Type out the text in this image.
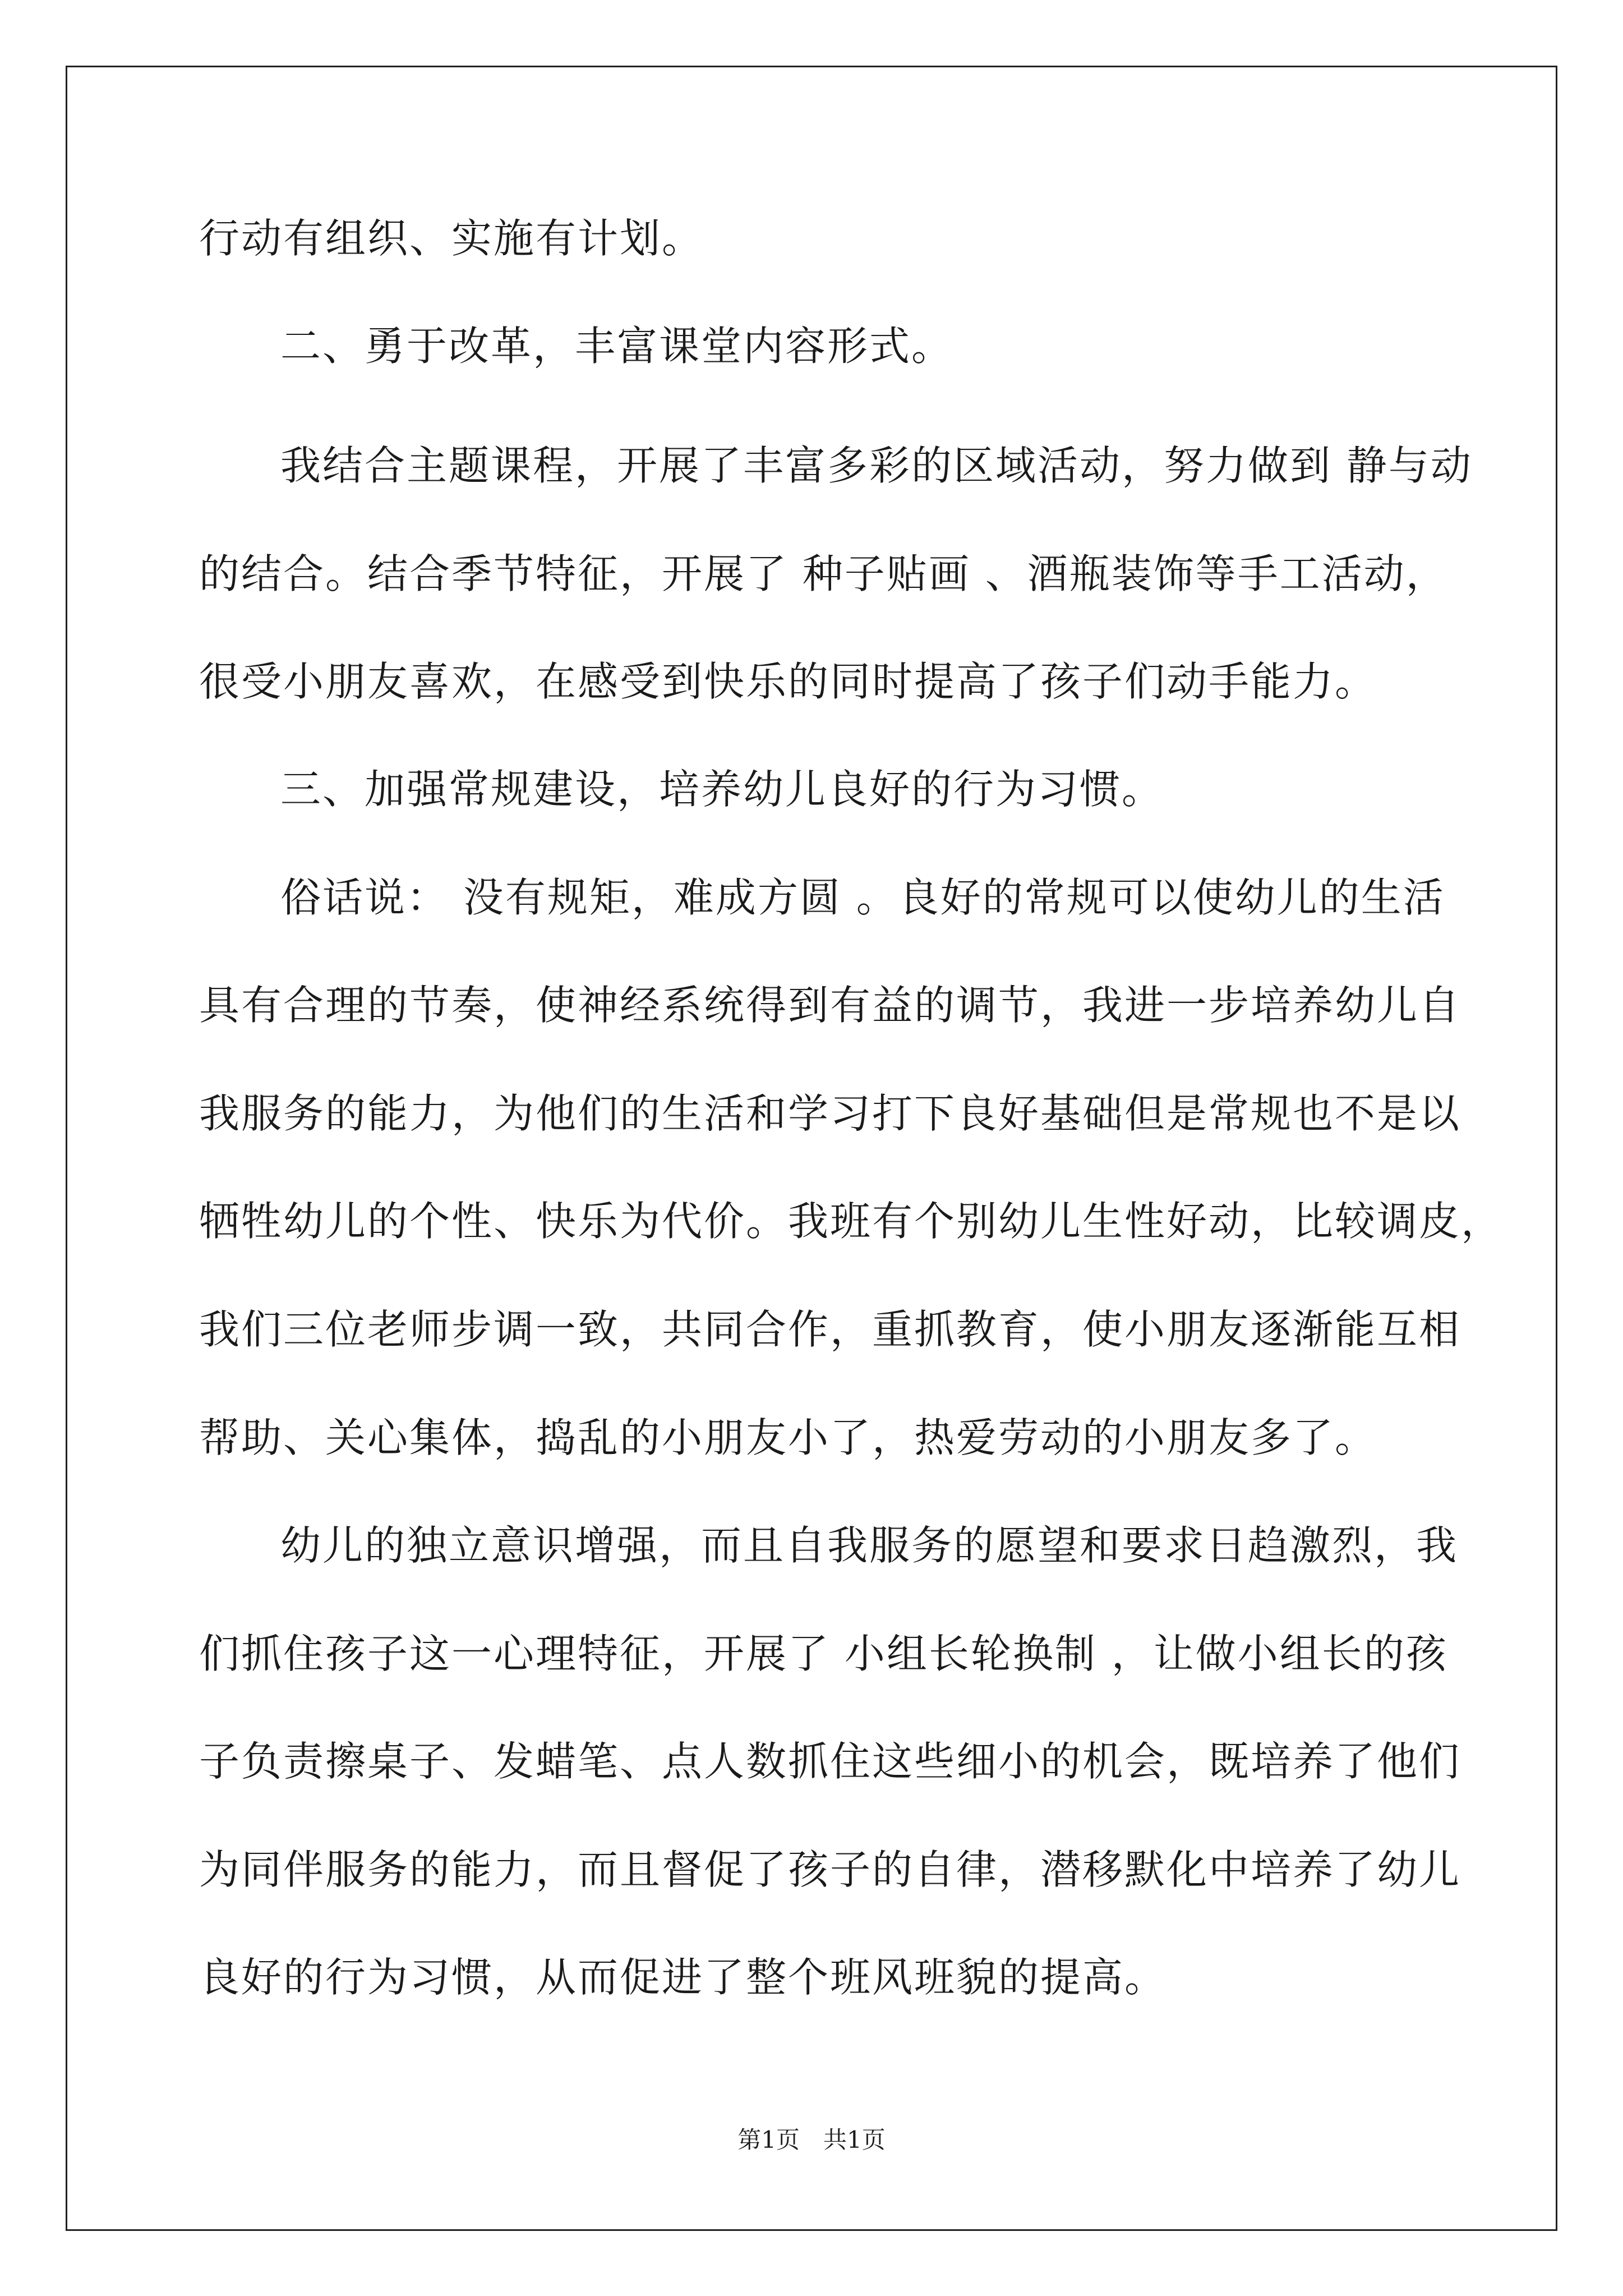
行动有组织、实施有计划。
二、勇于改革，丰富课堂内容形式。
我结合主题课程，开展了丰富多彩的区域活动，努力做到 静与动
的结合。结合季节特征，开展了 种子贴画 、酒瓶装饰等手工活动，
很受小朋友喜欢，在感受到快乐的同时提高了孩子们动手能力。
三、加强常规建设，培养幼儿良好的行为习惯。
俗话说： 没有规矩，难成方圆 。良好的常规可以使幼儿的生活
具有合理的节奏，使神经系统得到有益的调节，我进一步培养幼儿自
我服务的能力，为他们的生活和学习打下良好基础但是常规也不是以
牺牲幼儿的个性、快乐为代价。我班有个别幼儿生性好动，比较调皮，
我们三位老师步调一致，共同合作，重抓教育，使小朋友逐渐能互相
帮助、关心集体，捣乱的小朋友小了，热爱劳动的小朋友多了。
幼儿的独立意识增强，而且自我服务的愿望和要求日趋激烈，我
们抓住孩子这一心理特征，开展了 小组长轮换制 ，让做小组长的孩
子负责擦桌子、发蜡笔、点人数抓住这些细小的机会，既培养了他们
为同伴服务的能力，而且督促了孩子的自律，潜移默化中培养了幼儿
良好的行为习惯，从而促进了整个班风班貌的提高。
第1页　共1页
